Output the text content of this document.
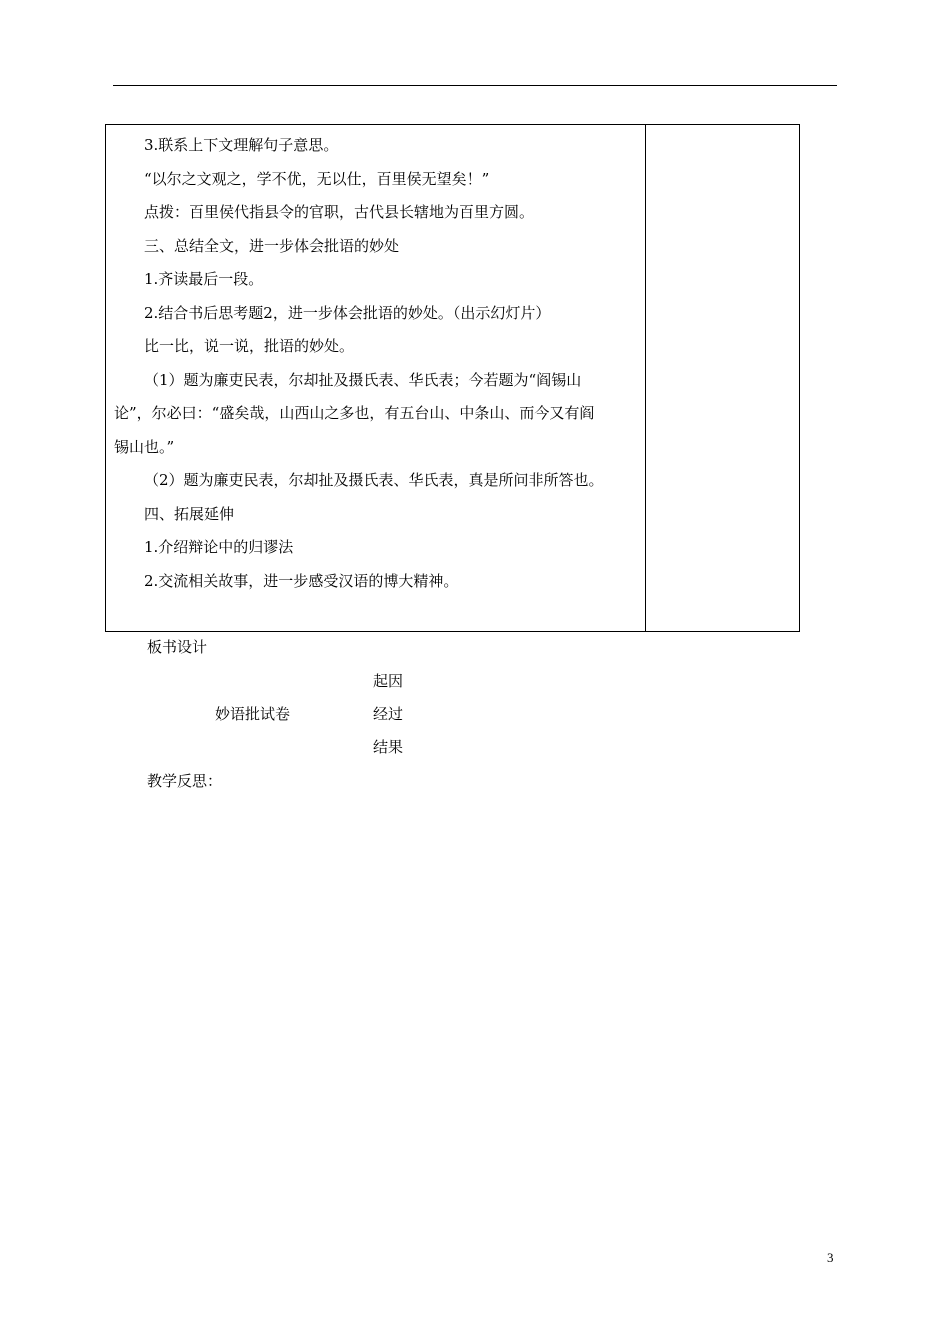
3.联系上下文理解句子意思。

“以尔之文观之，学不优，无以仕，百里侯无望矣！”

点拨：百里侯代指县令的官职，古代县长辖地为百里方圆。

三、总结全文，进一步体会批语的妙处

1.齐读最后一段。

2.结合书后思考题2，进一步体会批语的妙处。（出示幻灯片）

比一比，说一说，批语的妙处。

（1）题为廉吏民表，尔却扯及摄氏表、华氏表；今若题为“阎锡山

论”，尔必曰：“盛矣哉，山西山之多也，有五台山、中条山、而今又有阎

锡山也。”

（2）题为廉吏民表，尔却扯及摄氏表、华氏表，真是所问非所答也。

四、拓展延伸

1.介绍辩论中的归谬法

2.交流相关故事，进一步感受汉语的博大精神。

板书设计
妙语批试卷
起因
经过
结果
教学反思：
3
